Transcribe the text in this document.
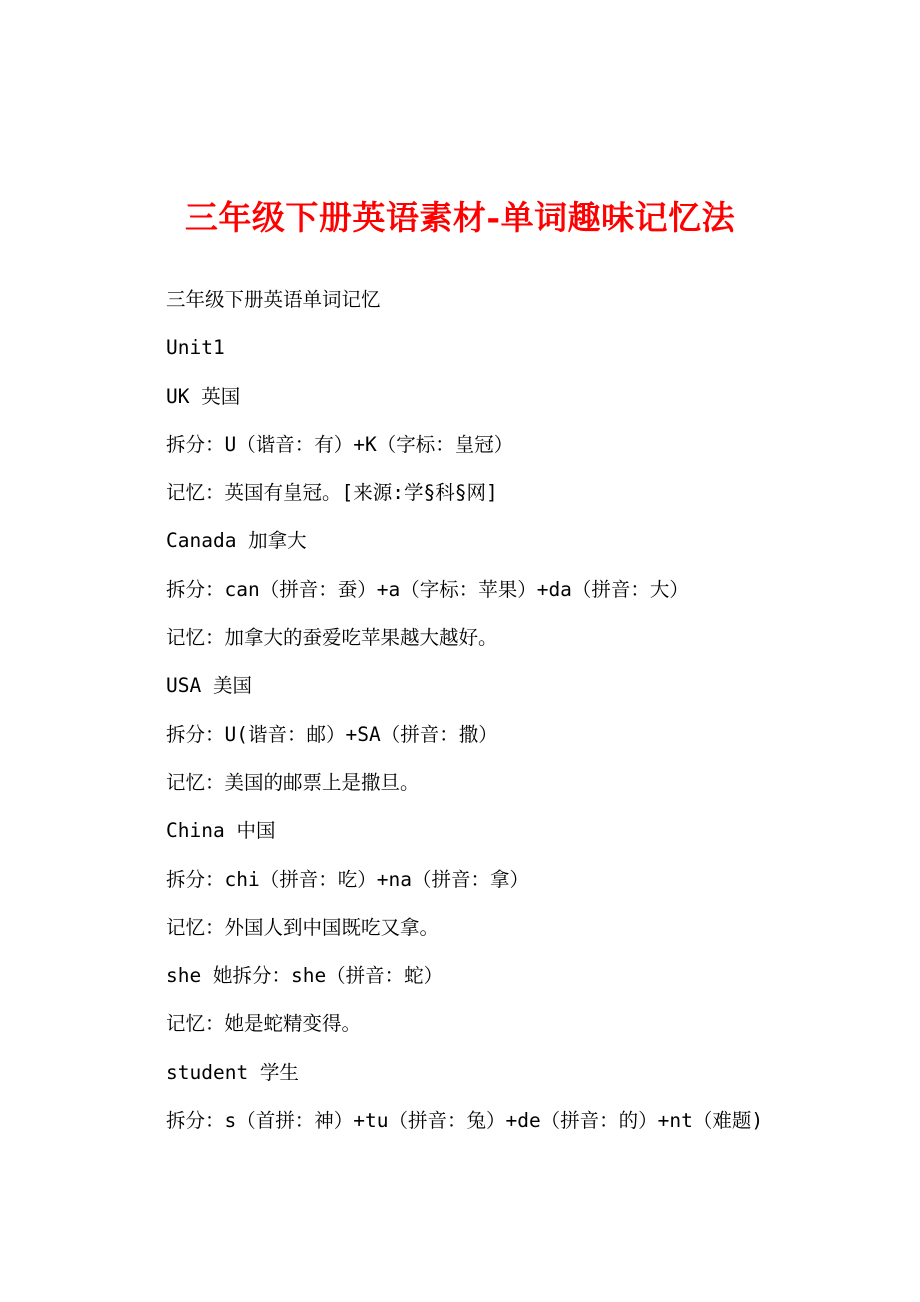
三年级下册英语素材-单词趣味记忆法
三年级下册英语单词记忆
Unit1
UK 英国
拆分：U（谐音：有）+K（字标：皇冠）
记忆：英国有皇冠。[来源:学§科§网]
Canada 加拿大
拆分：can（拼音：蚕）+a（字标：苹果）+da（拼音：大）
记忆：加拿大的蚕爱吃苹果越大越好。
USA 美国
拆分：U(谐音：邮）+SA（拼音：撒）
记忆：美国的邮票上是撒旦。
China 中国
拆分：chi（拼音：吃）+na（拼音：拿）
记忆：外国人到中国既吃又拿。
she 她拆分：she（拼音：蛇）
记忆：她是蛇精变得。
student 学生
拆分：s（首拼：神）+tu（拼音：兔）+de（拼音：的）+nt（难题)
